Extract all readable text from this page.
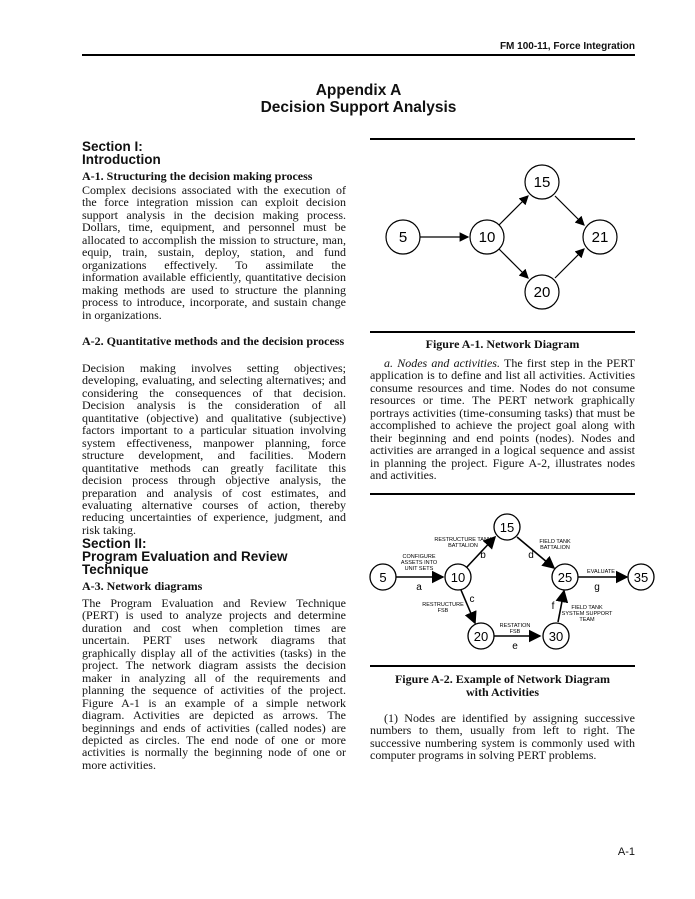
FM 100-11, Force Integration
Appendix A
Decision Support Analysis
Section I:
Introduction
A-1. Structuring the decision making process
Complex decisions associated with the execution of the force integration mission can exploit decision support analysis in the decision making process. Dollars, time, equipment, and personnel must be allocated to accomplish the mission to structure, man, equip, train, sustain, deploy, station, and fund organizations effectively. To assimilate the information available efficiently, quantitative decision making methods are used to structure the planning process to introduce, incorporate, and sustain change in organizations.
A-2. Quantitative methods and the decision process
Decision making involves setting objectives; developing, evaluating, and selecting alternatives; and considering the consequences of that decision. Decision analysis is the consideration of all quantitative (objective) and qualitative (subjective) factors important to a particular situation involving system effectiveness, manpower planning, force structure development, and facilities. Modern quantitative methods can greatly facilitate this decision process through objective analysis, the preparation and analysis of cost estimates, and evaluating alternative courses of action, thereby reducing uncertainties of experience, judgment, and risk taking.
Section II:
Program Evaluation and Review Technique
A-3. Network diagrams
The Program Evaluation and Review Technique (PERT) is used to analyze projects and determine duration and cost when completion times are uncertain. PERT uses network diagrams that graphically display all of the activities (tasks) in the project. The network diagram assists the decision maker in analyzing all of the requirements and planning the sequence of activities of the project. Figure A-1 is an example of a simple network diagram. Activities are depicted as arrows. The beginnings and ends of activities (called nodes) are depicted as circles. The end node of one or more activities is normally the beginning node of one or more activities.
5	10
15
21
20
Figure A-1. Network Diagram
a. Nodes and activities. The first step in the PERT application is to define and list all activities. Activities consume resources and time. Nodes do not consume resources or time. The PERT network graphically portrays activities (time-consuming tasks) that must be accomplished to achieve the project goal along with their beginning and end points (nodes). Nodes and activities are arranged in a logical sequence and assist in planning the project. Figure A-2, illustrates nodes and activities.
5	10
15
20
25
30
35
a
b
c
d
e
f
g
CONFIGURE
ASSETS INTO
UNIT SETS
RESTRUCTURE TANK
BATTALION
RESTRUCTURE
FSB
FIELD TANK
BATTALION
RESTATION
FSB
FIELD TANK
SYSTEM SUPPORT
TEAM
EVALUATE
Figure A-2. Example of Network Diagram
with Activities
(1) Nodes are identified by assigning successive numbers to them, usually from left to right. The successive numbering system is commonly used with computer programs in solving PERT problems.
A-1
